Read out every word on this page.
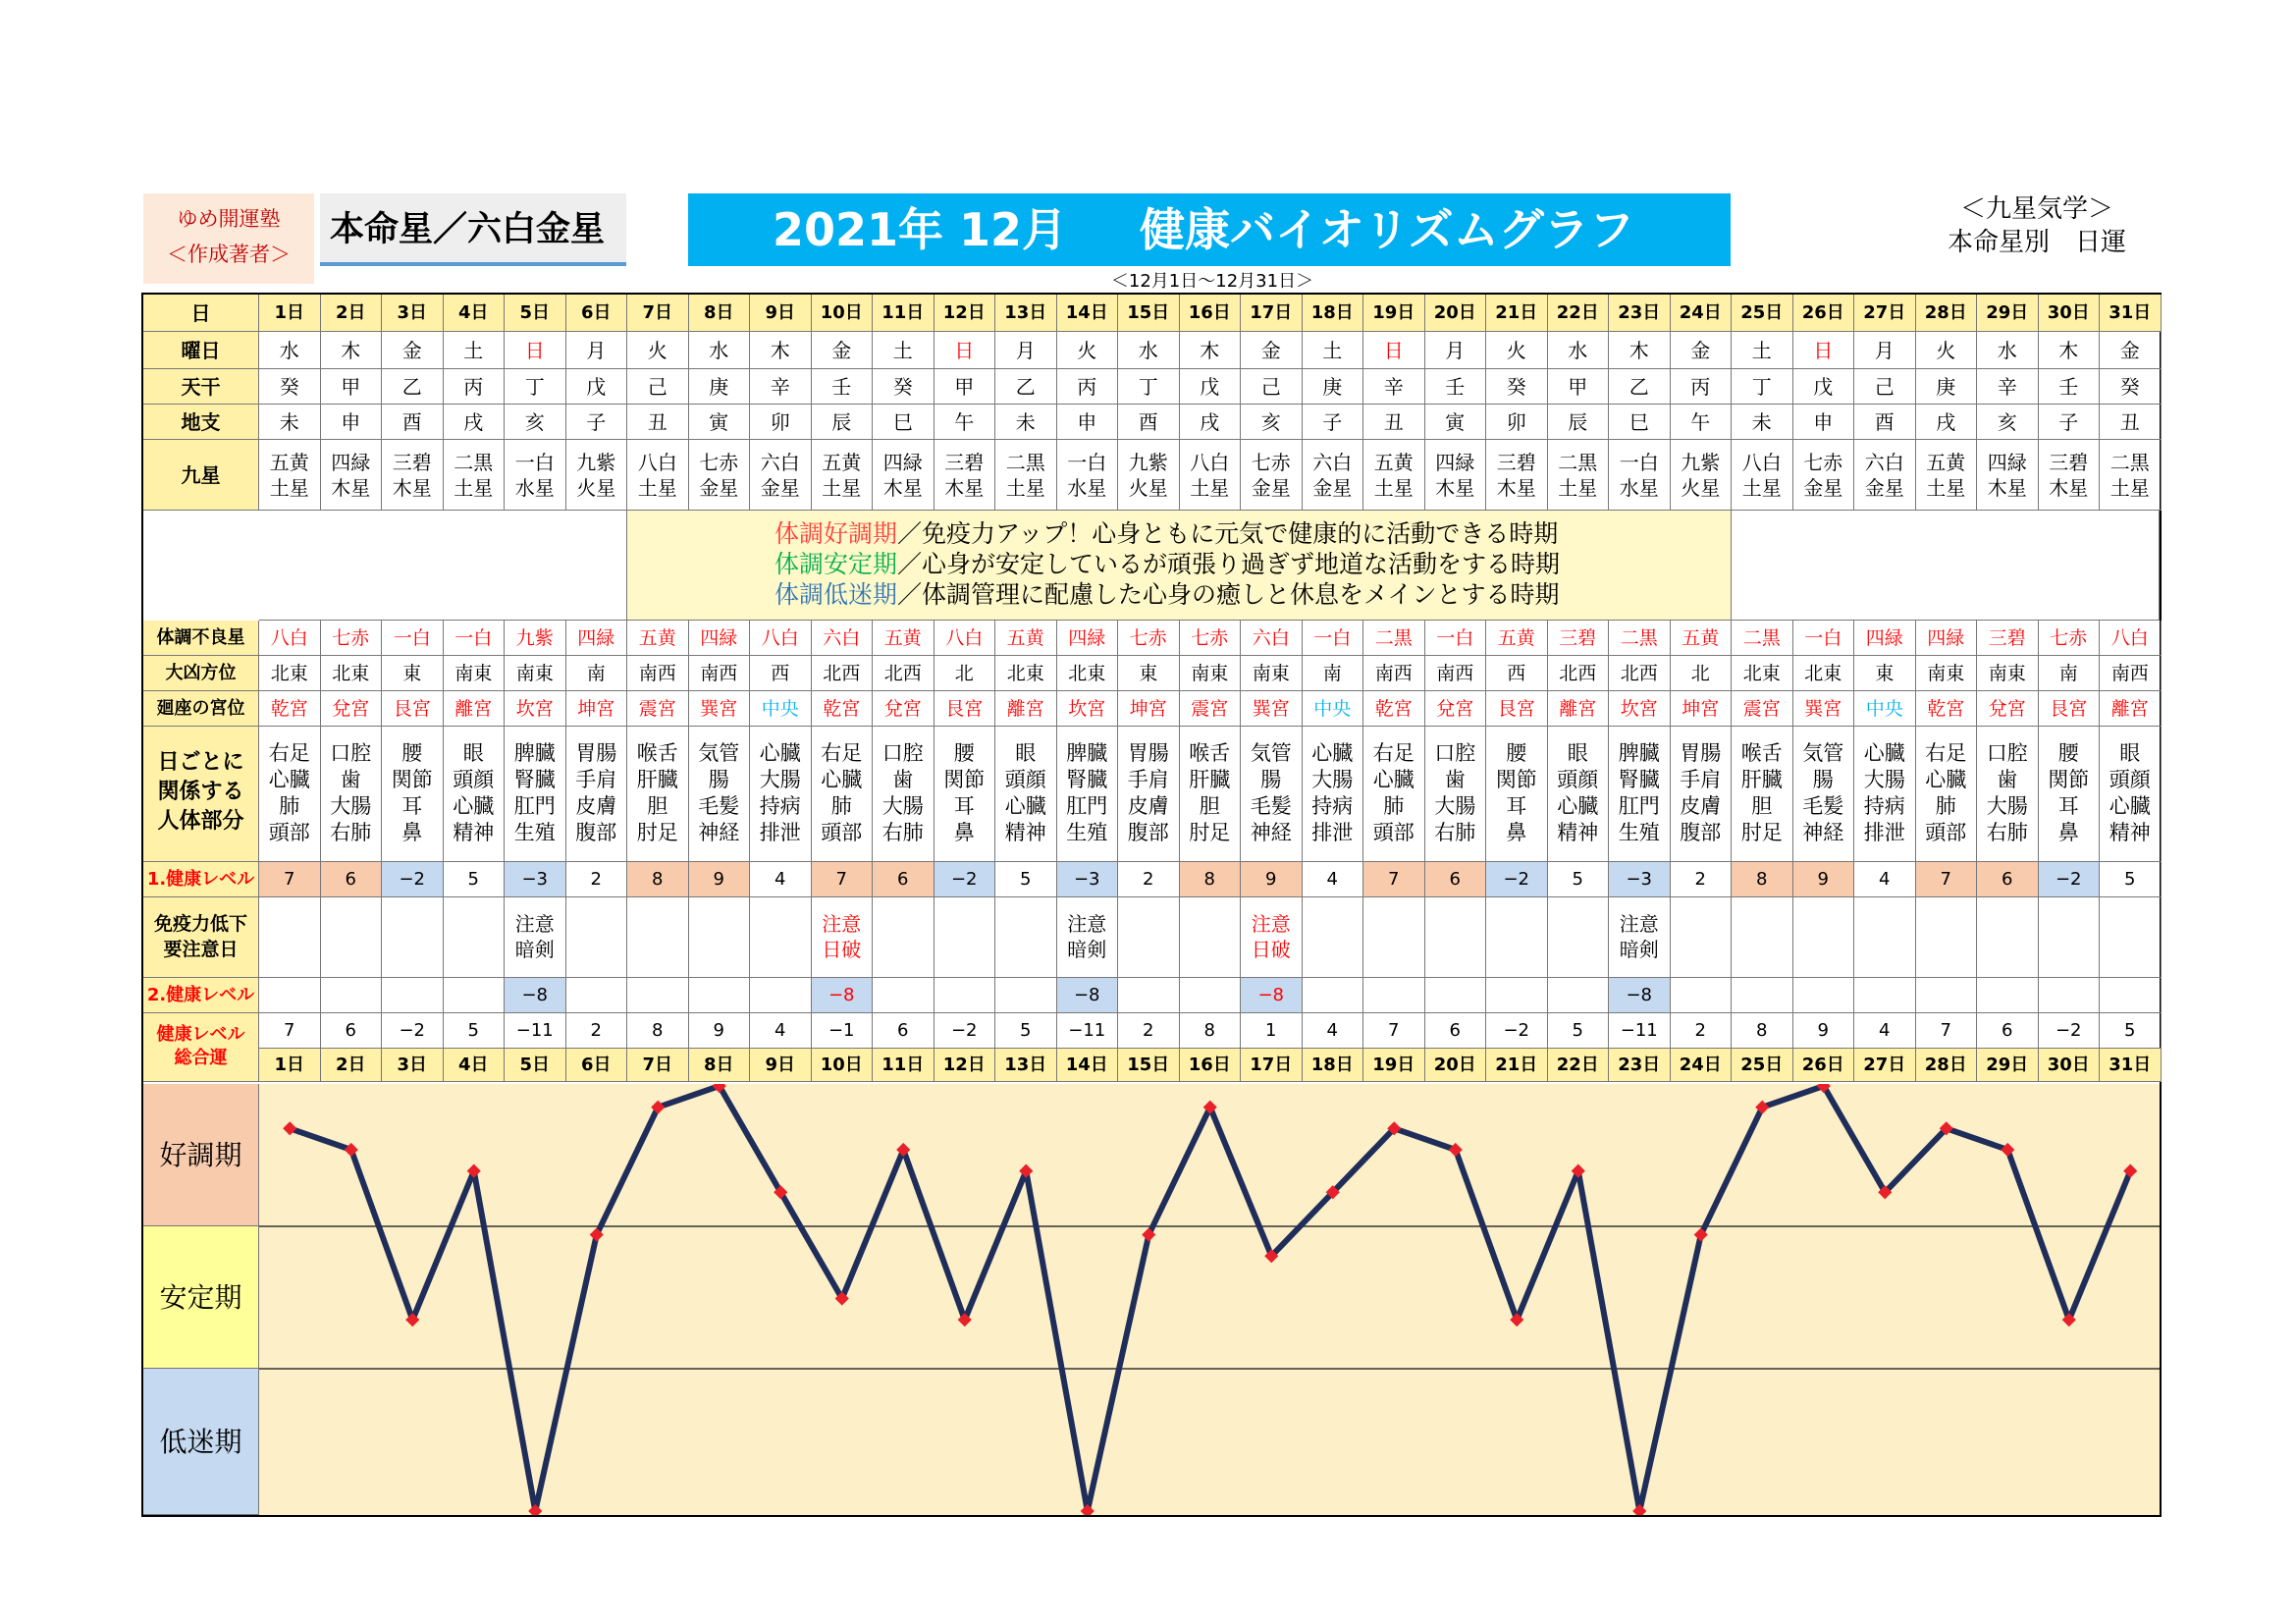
ゆめ開運塾
＜作成著者＞
本命星／六白金星	2021年 12月 健康バイオリズムグラフ
＜12月1日～12月31日＞
＜九星気学＞
本命星別　日運
日
曜日
天干
地支
九星
体調不良星
大凶方位
廻座の宮位
1.健康レベル
2.健康レベル
日ごとに
関係する
人体部分
免疫力低下
要注意日
健康レベル
総合運
体調好調期／免疫力アップ！心身ともに元気で健康的に活動できる時期
体調安定期／心身が安定しているが頑張り過ぎず地道な活動をする時期
体調低迷期／体調管理に配慮した心身の癒しと休息をメインとする時期
1日
水
癸
未
五黄
土星
八白
北東
乾宮
右足
心臓
肺
頭部
7
7
1日
2日
木
甲
申
四緑
木星
七赤
北東
兌宮
口腔
歯
大腸
右肺
6
6
2日
3日
金
乙
酉
三碧
木星
一白
東
艮宮
腰
関節
耳
鼻
−2
−2
3日
4日
土
丙
戌
二黒
土星
一白
南東
離宮
眼
頭顔
心臓
精神
5
5
4日
5日
日
丁
亥
一白
水星
九紫
南東
坎宮
脾臓
腎臓
肛門
生殖
−3
注意
暗剣
−8
−11
5日
6日
月
戊
子
九紫
火星
四緑
南
坤宮
胃腸
手肩
皮膚
腹部
2
2
6日
7日
火
己
丑
八白
土星
五黄
南西
震宮
喉舌
肝臓
胆
肘足
8
8
7日
8日
水
庚
寅
七赤
金星
四緑
南西
巽宮
気管
腸
毛髪
神経
9
9
8日
9日
木
辛
卯
六白
金星
八白
西
中央
心臓
大腸
持病
排泄
4
4
9日
10日
金
壬
辰
五黄
土星
六白
北西
乾宮
右足
心臓
肺
頭部
7
注意
日破
−8
−1
10日
11日
土
癸
巳
四緑
木星
五黄
北西
兌宮
口腔
歯
大腸
右肺
6
6
11日
12日
日
甲
午
三碧
木星
八白
北
艮宮
腰
関節
耳
鼻
−2
−2
12日
13日
月
乙
未
二黒
土星
五黄
北東
離宮
眼
頭顔
心臓
精神
5
5
13日
14日
火
丙
申
一白
水星
四緑
北東
坎宮
脾臓
腎臓
肛門
生殖
−3
注意
暗剣
−8
−11
14日
15日
水
丁
酉
九紫
火星
七赤
東
坤宮
胃腸
手肩
皮膚
腹部
2
2
15日
16日
木
戊
戌
八白
土星
七赤
南東
震宮
喉舌
肝臓
胆
肘足
8
8
16日
17日
金
己
亥
七赤
金星
六白
南東
巽宮
気管
腸
毛髪
神経
9
注意
日破
−8
1
17日
18日
土
庚
子
六白
金星
一白
南
中央
心臓
大腸
持病
排泄
4
4
18日
19日
日
辛
丑
五黄
土星
二黒
南西
乾宮
右足
心臓
肺
頭部
7
7
19日
20日
月
壬
寅
四緑
木星
一白
南西
兌宮
口腔
歯
大腸
右肺
6
6
20日
21日
火
癸
卯
三碧
木星
五黄
西
艮宮
腰
関節
耳
鼻
−2
−2
21日
22日
水
甲
辰
二黒
土星
三碧
北西
離宮
眼
頭顔
心臓
精神
5
5
22日
23日
木
乙
巳
一白
水星
二黒
北西
坎宮
脾臓
腎臓
肛門
生殖
−3
注意
暗剣
−8
−11
23日
24日
金
丙
午
九紫
火星
五黄
北
坤宮
胃腸
手肩
皮膚
腹部
2
2
24日
25日
土
丁
未
八白
土星
二黒
北東
震宮
喉舌
肝臓
胆
肘足
8
8
25日
26日
日
戊
申
七赤
金星
一白
北東
巽宮
気管
腸
毛髪
神経
9
9
26日
27日
月
己
酉
六白
金星
四緑
東
中央
心臓
大腸
持病
排泄
4
4
27日
28日
火
庚
戌
五黄
土星
四緑
南東
乾宮
右足
心臓
肺
頭部
7
7
28日
29日
水
辛
亥
四緑
木星
三碧
南東
兌宮
口腔
歯
大腸
右肺
6
6
29日
30日
木
壬
子
三碧
木星
七赤
南
艮宮
腰
関節
耳
鼻
−2
−2
30日
31日
金
癸
丑
二黒
土星
八白
南西
離宮
眼
頭顔
心臓
精神
5
5
31日
好調期
安定期
低迷期
